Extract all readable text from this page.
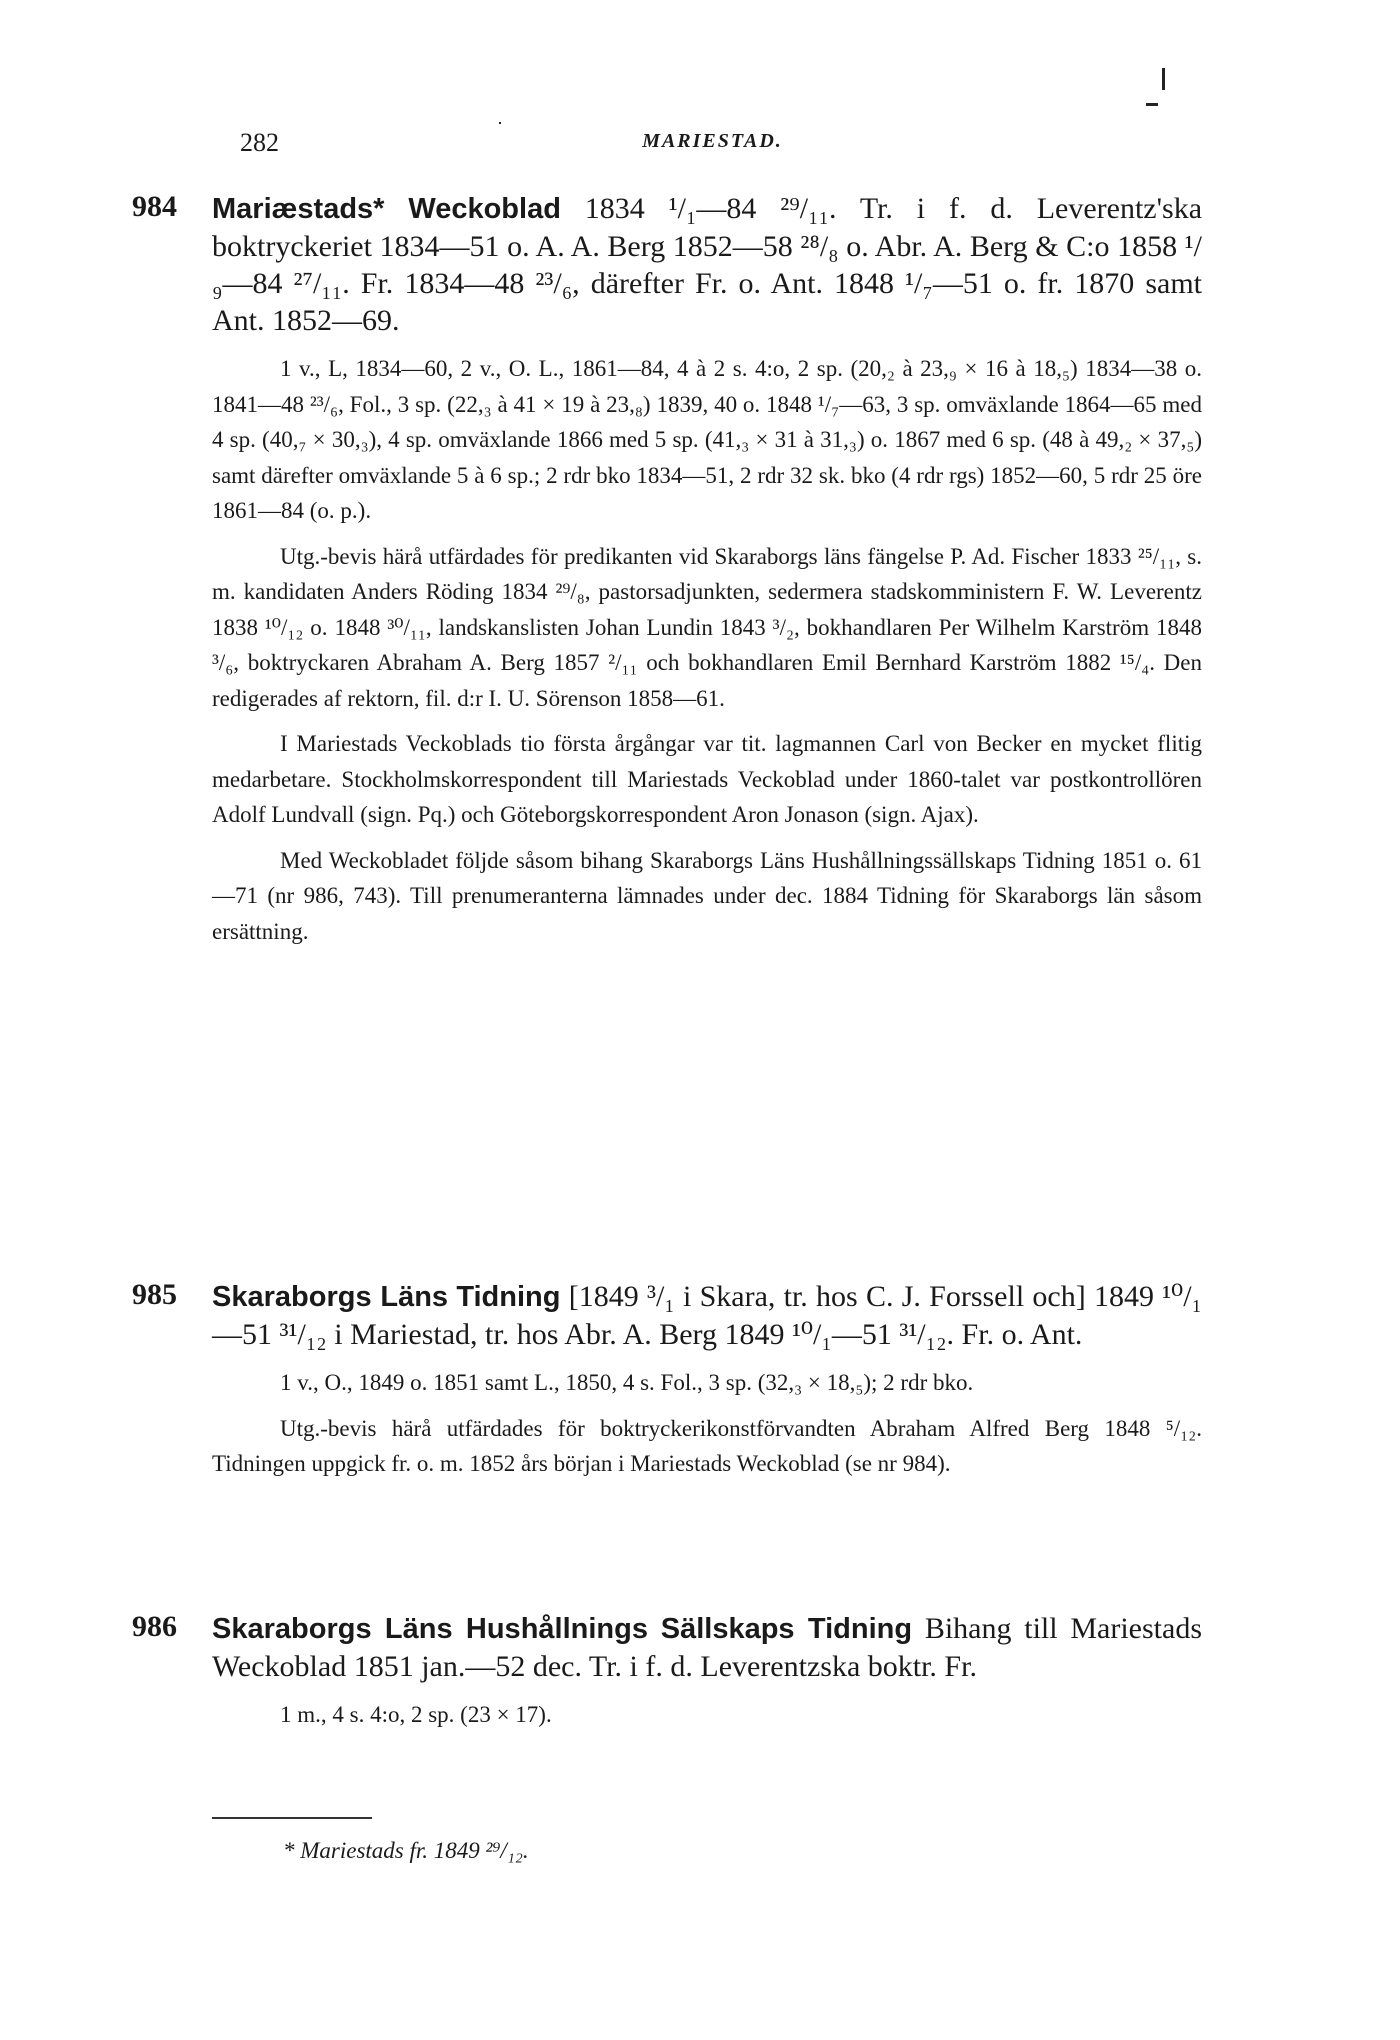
282	MARIESTAD.
984 Mariæstads* Weckoblad 1834 ¹/₁—84 ²⁹/₁₁. Tr. i f. d. Leverentz'ska boktryckeriet 1834—51 o. A. A. Berg 1852—58 ²⁸/₈ o. Abr. A. Berg & C:o 1858 ¹/₉—84 ²⁷/₁₁. Fr. 1834—48 ²³/₆, därefter Fr. o. Ant. 1848 ¹/₇—51 o. fr. 1870 samt Ant. 1852—69.

1 v., L, 1834—60, 2 v., O. L., 1861—84, 4 à 2 s. 4:o, 2 sp. (20,₂ à 23,₉ × 16 à 18,₅) 1834—38 o. 1841—48 ²³/₆, Fol., 3 sp. (22,₃ à 41 × 19 à 23,₈) 1839, 40 o. 1848 ¹/₇—63, 3 sp. omväxlande 1864—65 med 4 sp. (40,₇ × 30,₃), 4 sp. omväxlande 1866 med 5 sp. (41,₃ × 31 à 31,₃) o. 1867 med 6 sp. (48 à 49,₂ × 37,₅) samt därefter omväxlande 5 à 6 sp.; 2 rdr bko 1834—51, 2 rdr 32 sk. bko (4 rdr rgs) 1852—60, 5 rdr 25 öre 1861—84 (o. p.).

Utg.-bevis härå utfärdades för predikanten vid Skaraborgs läns fängelse P. Ad. Fischer 1833 ²⁵/₁₁, s. m. kandidaten Anders Röding 1834 ²⁹/₈, pastorsadjunkten, sedermera stadskomministern F. W. Leverentz 1838 ¹⁰/₁₂ o. 1848 ³⁰/₁₁, landskanslisten Johan Lundin 1843 ³/₂, bokhandlaren Per Wilhelm Karström 1848 ³/₆, boktryckaren Abraham A. Berg 1857 ²/₁₁ och bokhandlaren Emil Bernhard Karström 1882 ¹⁵/₄. Den redigerades af rektorn, fil. d:r I. U. Sörenson 1858—61.

I Mariestads Veckoblads tio första årgångar var tit. lagmannen Carl von Becker en mycket flitig medarbetare. Stockholmskorrespondent till Mariestads Veckoblad under 1860-talet var postkontrollören Adolf Lundvall (sign. Pq.) och Göteborgskorrespondent Aron Jonason (sign. Ajax).

Med Weckobladet följde såsom bihang Skaraborgs Läns Hushållningssällskaps Tidning 1851 o. 61—71 (nr 986, 743). Till prenumeranterna lämnades under dec. 1884 Tidning för Skaraborgs län såsom ersättning.

985 Skaraborgs Läns Tidning [1849 ³/₁ i Skara, tr. hos C. J. Forssell och] 1849 ¹⁰/₁—51 ³¹/₁₂ i Mariestad, tr. hos Abr. A. Berg 1849 ¹⁰/₁—51 ³¹/₁₂. Fr. o. Ant.

1 v., O., 1849 o. 1851 samt L., 1850, 4 s. Fol., 3 sp. (32,₃ × 18,₅); 2 rdr bko.

Utg.-bevis härå utfärdades för boktryckerikonstförvandten Abraham Alfred Berg 1848 ⁵/₁₂. Tidningen uppgick fr. o. m. 1852 års början i Mariestads Weckoblad (se nr 984).

986 Skaraborgs Läns Hushållnings Sällskaps Tidning Bihang till Mariestads Weckoblad 1851 jan.—52 dec. Tr. i f. d. Leverentzska boktr. Fr.

1 m., 4 s. 4:o, 2 sp. (23 × 17).

* Mariestads fr. 1849 ²⁹/₁₂.
